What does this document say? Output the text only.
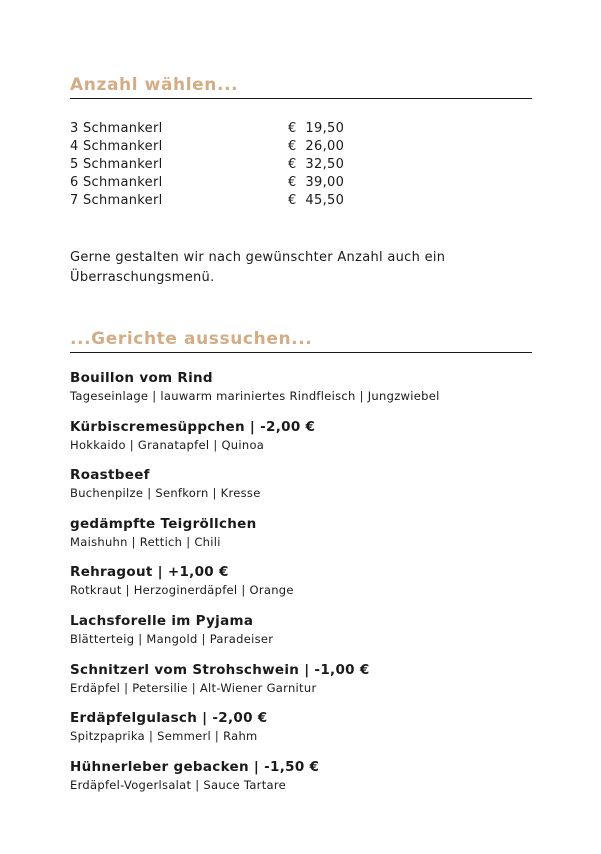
Anzahl wählen...
3 Schmankerl	€  19,50
4 Schmankerl	€  26,00
5 Schmankerl	€  32,50
6 Schmankerl	€  39,00
7 Schmankerl	€  45,50

Gerne gestalten wir nach gewünschter Anzahl auch ein Überraschungsmenü.

...Gerichte aussuchen...

Bouillon vom Rind

Tageseinlage | lauwarm mariniertes Rindfleisch | Jungzwiebel

Kürbiscremesüppchen | -2,00 €

Hokkaido | Granatapfel | Quinoa

Roastbeef

Buchenpilze | Senfkorn | Kresse

gedämpfte Teigröllchen

Maishuhn | Rettich | Chili

Rehragout | +1,00 €

Rotkraut | Herzoginerdäpfel | Orange

Lachsforelle im Pyjama

Blätterteig | Mangold | Paradeiser

Schnitzerl vom Strohschwein | -1,00 €

Erdäpfel | Petersilie | Alt-Wiener Garnitur

Erdäpfelgulasch | -2,00 €

Spitzpaprika | Semmerl | Rahm

Hühnerleber gebacken | -1,50 €

Erdäpfel-Vogerlsalat | Sauce Tartare
